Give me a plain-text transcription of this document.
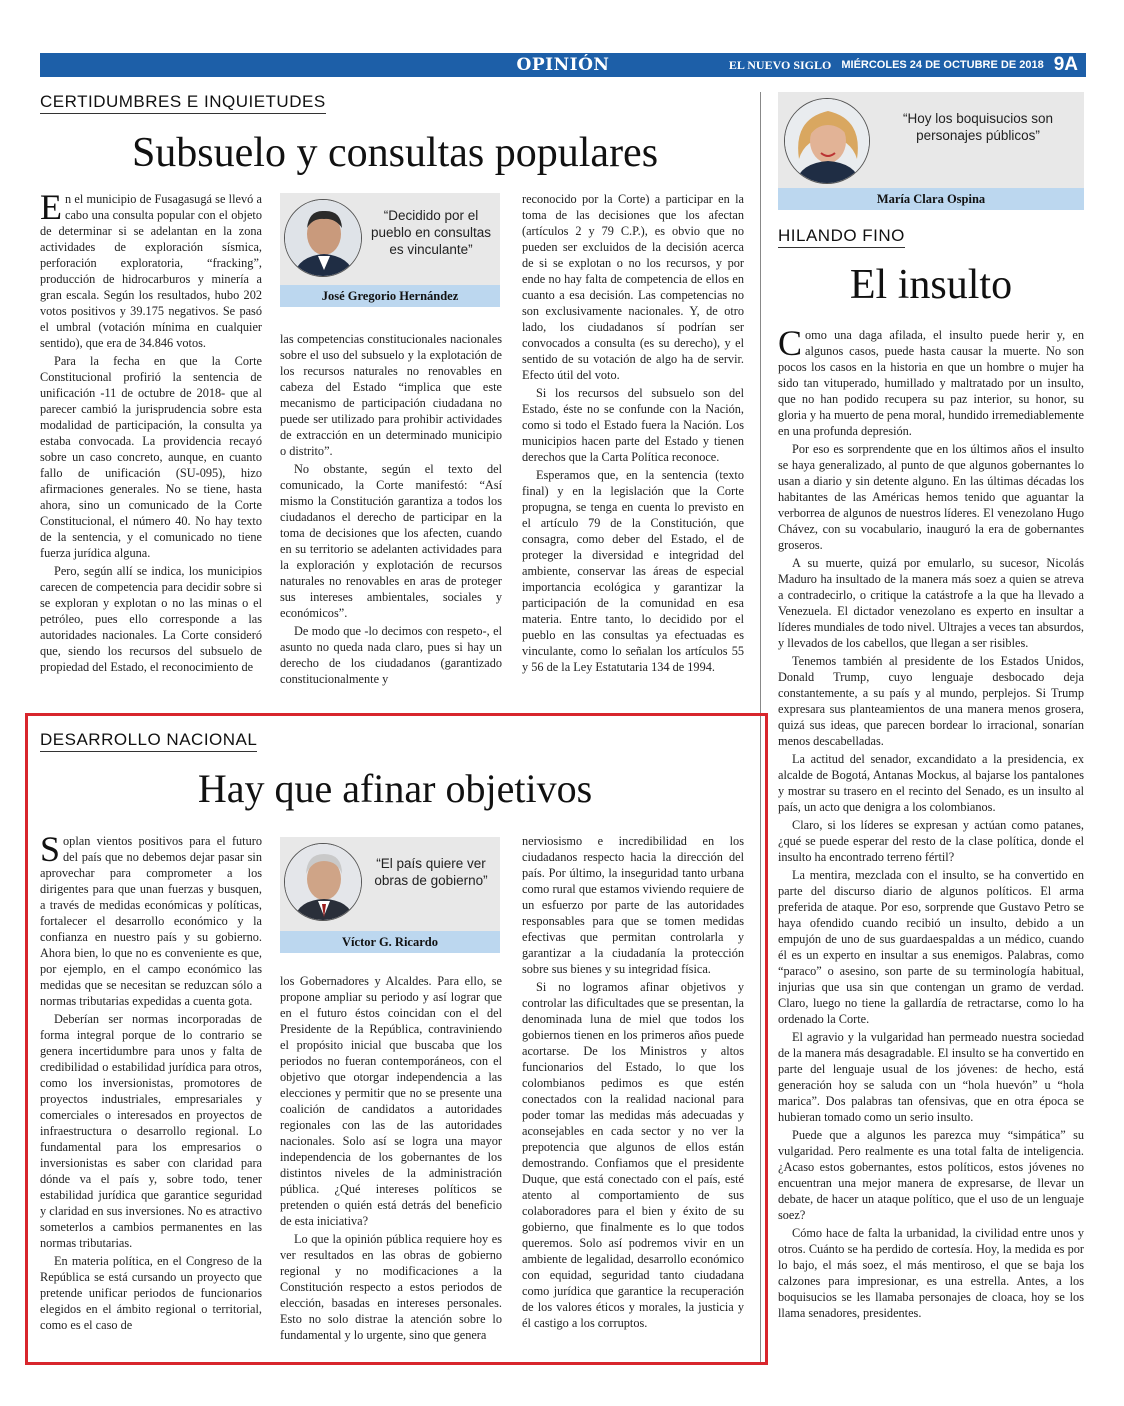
OPINIÓN	EL NUEVO SIGLO MIÉRCOLES 24 DE OCTUBRE DE 2018 9A
CERTIDUMBRES E INQUIETUDES
Subsuelo y consultas populares

En el municipio de Fusagasugá se llevó a cabo una consulta popular con el objeto de determinar si se adelantan en la zona actividades de exploración sísmica, perforación exploratoria, “fracking”, producción de hidrocarburos y minería a gran escala. Según los resultados, hubo 202 votos positivos y 39.175 negativos. Se pasó el umbral (votación mínima en cualquier sentido), que era de 34.846 votos.

Para la fecha en que la Corte Constitucional profirió la sentencia de unificación -11 de octubre de 2018- que al parecer cambió la jurisprudencia sobre esta modalidad de participación, la consulta ya estaba convocada. La providencia recayó sobre un caso concreto, aunque, en cuanto fallo de unificación (SU-095), hizo afirmaciones generales. No se tiene, hasta ahora, sino un comunicado de la Corte Constitucional, el número 40. No hay texto de la sentencia, y el comunicado no tiene fuerza jurídica alguna.

Pero, según allí se indica, los municipios carecen de competencia para decidir sobre si se exploran y explotan o no las minas o el petróleo, pues ello corresponde a las autoridades nacionales. La Corte consideró que, siendo los recursos del subsuelo de propiedad del Estado, el reconocimiento de

“Decidido por el pueblo en consultas es vinculante”
José Gregorio Hernández

las competencias constitucionales nacionales sobre el uso del subsuelo y la explotación de los recursos naturales no renovables en cabeza del Estado “implica que este mecanismo de participación ciudadana no puede ser utilizado para prohibir actividades de extracción en un determinado municipio o distrito”.

No obstante, según el texto del comunicado, la Corte manifestó: “Así mismo la Constitución garantiza a todos los ciudadanos el derecho de participar en la toma de decisiones que los afecten, cuando en su territorio se adelanten actividades para la exploración y explotación de recursos naturales no renovables en aras de proteger sus intereses ambientales, sociales y económicos”.

De modo que -lo decimos con respeto-, el asunto no queda nada claro, pues si hay un derecho de los ciudadanos (garantizado constitucionalmente y

reconocido por la Corte) a participar en la toma de las decisiones que los afectan (artículos 2 y 79 C.P.), es obvio que no pueden ser excluidos de la decisión acerca de si se explotan o no los recursos, y por ende no hay falta de competencia de ellos en cuanto a esa decisión. Las competencias no son exclusivamente nacionales. Y, de otro lado, los ciudadanos sí podrían ser convocados a consulta (es su derecho), y el sentido de su votación de algo ha de servir. Efecto útil del voto.

Si los recursos del subsuelo son del Estado, éste no se confunde con la Nación, como si todo el Estado fuera la Nación. Los municipios hacen parte del Estado y tienen derechos que la Carta Política reconoce.

Esperamos que, en la sentencia (texto final) y en la legislación que la Corte propugna, se tenga en cuenta lo previsto en el artículo 79 de la Constitución, que consagra, como deber del Estado, el de proteger la diversidad e integridad del ambiente, conservar las áreas de especial importancia ecológica y garantizar la participación de la comunidad en esa materia. Entre tanto, lo decidido por el pueblo en las consultas ya efectuadas es vinculante, como lo señalan los artículos 55 y 56 de la Ley Estatutaria 134 de 1994.

DESARROLLO NACIONAL
Hay que afinar objetivos

Soplan vientos positivos para el futuro del país que no debemos dejar pasar sin aprovechar para comprometer a los dirigentes para que unan fuerzas y busquen, a través de medidas económicas y políticas, fortalecer el desarrollo económico y la confianza en nuestro país y su gobierno. Ahora bien, lo que no es conveniente es que, por ejemplo, en el campo económico las medidas que se necesitan se reduzcan sólo a normas tributarias expedidas a cuenta gota.

Deberían ser normas incorporadas de forma integral porque de lo contrario se genera incertidumbre para unos y falta de credibilidad o estabilidad jurídica para otros, como los inversionistas, promotores de proyectos industriales, empresariales y comerciales o interesados en proyectos de infraestructura o desarrollo regional. Lo fundamental para los empresarios o inversionistas es saber con claridad para dónde va el país y, sobre todo, tener estabilidad jurídica que garantice seguridad y claridad en sus inversiones. No es atractivo someterlos a cambios permanentes en las normas tributarias.

En materia política, en el Congreso de la República se está cursando un proyecto que pretende unificar periodos de funcionarios elegidos en el ámbito regional o territorial, como es el caso de

“El país quiere ver obras de gobierno”
Víctor G. Ricardo

los Gobernadores y Alcaldes. Para ello, se propone ampliar su periodo y así lograr que en el futuro éstos coincidan con el del Presidente de la República, contraviniendo el propósito inicial que buscaba que los periodos no fueran contemporáneos, con el objetivo que otorgar independencia a las elecciones y permitir que no se presente una coalición de candidatos a autoridades regionales con las de las autoridades nacionales. Solo así se logra una mayor independencia de los gobernantes de los distintos niveles de la administración pública. ¿Qué intereses políticos se pretenden o quién está detrás del beneficio de esta iniciativa?

Lo que la opinión pública requiere hoy es ver resultados en las obras de gobierno regional y no modificaciones a la Constitución respecto a estos periodos de elección, basadas en intereses personales. Esto no solo distrae la atención sobre lo fundamental y lo urgente, sino que genera

nerviosismo e incredibilidad en los ciudadanos respecto hacia la dirección del país. Por último, la inseguridad tanto urbana como rural que estamos viviendo requiere de un esfuerzo por parte de las autoridades responsables para que se tomen medidas efectivas que permitan controlarla y garantizar a la ciudadanía la protección sobre sus bienes y su integridad física.

Si no logramos afinar objetivos y controlar las dificultades que se presentan, la denominada luna de miel que todos los gobiernos tienen en los primeros años puede acortarse. De los Ministros y altos funcionarios del Estado, lo que los colombianos pedimos es que estén conectados con la realidad nacional para poder tomar las medidas más adecuadas y aconsejables en cada sector y no ver la prepotencia que algunos de ellos están demostrando. Confiamos que el presidente Duque, que está conectado con el país, esté atento al comportamiento de sus colaboradores para el bien y éxito de su gobierno, que finalmente es lo que todos queremos. Solo así podremos vivir en un ambiente de legalidad, desarrollo económico con equidad, seguridad tanto ciudadana como jurídica que garantice la recuperación de los valores éticos y morales, la justicia y él castigo a los corruptos.

“Hoy los boquisucios son personajes públicos”
María Clara Ospina
HILANDO FINO
El insulto

Como una daga afilada, el insulto puede herir y, en algunos casos, puede hasta causar la muerte. No son pocos los casos en la historia en que un hombre o mujer ha sido tan vituperado, humillado y maltratado por un insulto, que no han podido recupera su paz interior, su honor, su gloria y ha muerto de pena moral, hundido irremediablemente en una profunda depresión.

Por eso es sorprendente que en los últimos años el insulto se haya generalizado, al punto de que algunos gobernantes lo usan a diario y sin detente alguno. En las últimas décadas los habitantes de las Américas hemos tenido que aguantar la verborrea de algunos de nuestros líderes. El venezolano Hugo Chávez, con su vocabulario, inauguró la era de gobernantes groseros.

A su muerte, quizá por emularlo, su sucesor, Nicolás Maduro ha insultado de la manera más soez a quien se atreva a contradecirlo, o critique la catástrofe a la que ha llevado a Venezuela. El dictador venezolano es experto en insultar a líderes mundiales de todo nivel. Ultrajes a veces tan absurdos, y llevados de los cabellos, que llegan a ser risibles.

Tenemos también al presidente de los Estados Unidos, Donald Trump, cuyo lenguaje desbocado deja constantemente, a su país y al mundo, perplejos. Si Trump expresara sus planteamientos de una manera menos grosera, quizá sus ideas, que parecen bordear lo irracional, sonarían menos descabelladas.

La actitud del senador, excandidato a la presidencia, ex alcalde de Bogotá, Antanas Mockus, al bajarse los pantalones y mostrar su trasero en el recinto del Senado, es un insulto al país, un acto que denigra a los colombianos.

Claro, si los líderes se expresan y actúan como patanes, ¿qué se puede esperar del resto de la clase política, donde el insulto ha encontrado terreno fértil?

La mentira, mezclada con el insulto, se ha convertido en parte del discurso diario de algunos políticos. El arma preferida de ataque. Por eso, sorprende que Gustavo Petro se haya ofendido cuando recibió un insulto, debido a un empujón de uno de sus guardaespaldas a un médico, cuando él es un experto en insultar a sus enemigos. Palabras, como “paraco” o asesino, son parte de su terminología habitual, injurias que usa sin que contengan un gramo de verdad. Claro, luego no tiene la gallardía de retractarse, como lo ha ordenado la Corte.

El agravio y la vulgaridad han permeado nuestra sociedad de la manera más desagradable. El insulto se ha convertido en parte del lenguaje usual de los jóvenes: de hecho, está generación hoy se saluda con un “hola huevón” u “hola marica”. Dos palabras tan ofensivas, que en otra época se hubieran tomado como un serio insulto.

Puede que a algunos les parezca muy “simpática” su vulgaridad. Pero realmente es una total falta de inteligencia. ¿Acaso estos gobernantes, estos políticos, estos jóvenes no encuentran una mejor manera de expresarse, de llevar un debate, de hacer un ataque político, que el uso de un lenguaje soez?

Cómo hace de falta la urbanidad, la civilidad entre unos y otros. Cuánto se ha perdido de cortesía. Hoy, la medida es por lo bajo, el más soez, el más mentiroso, el que se baja los calzones para impresionar, es una estrella. Antes, a los boquisucios se les llamaba personajes de cloaca, hoy se los llama senadores, presidentes.
